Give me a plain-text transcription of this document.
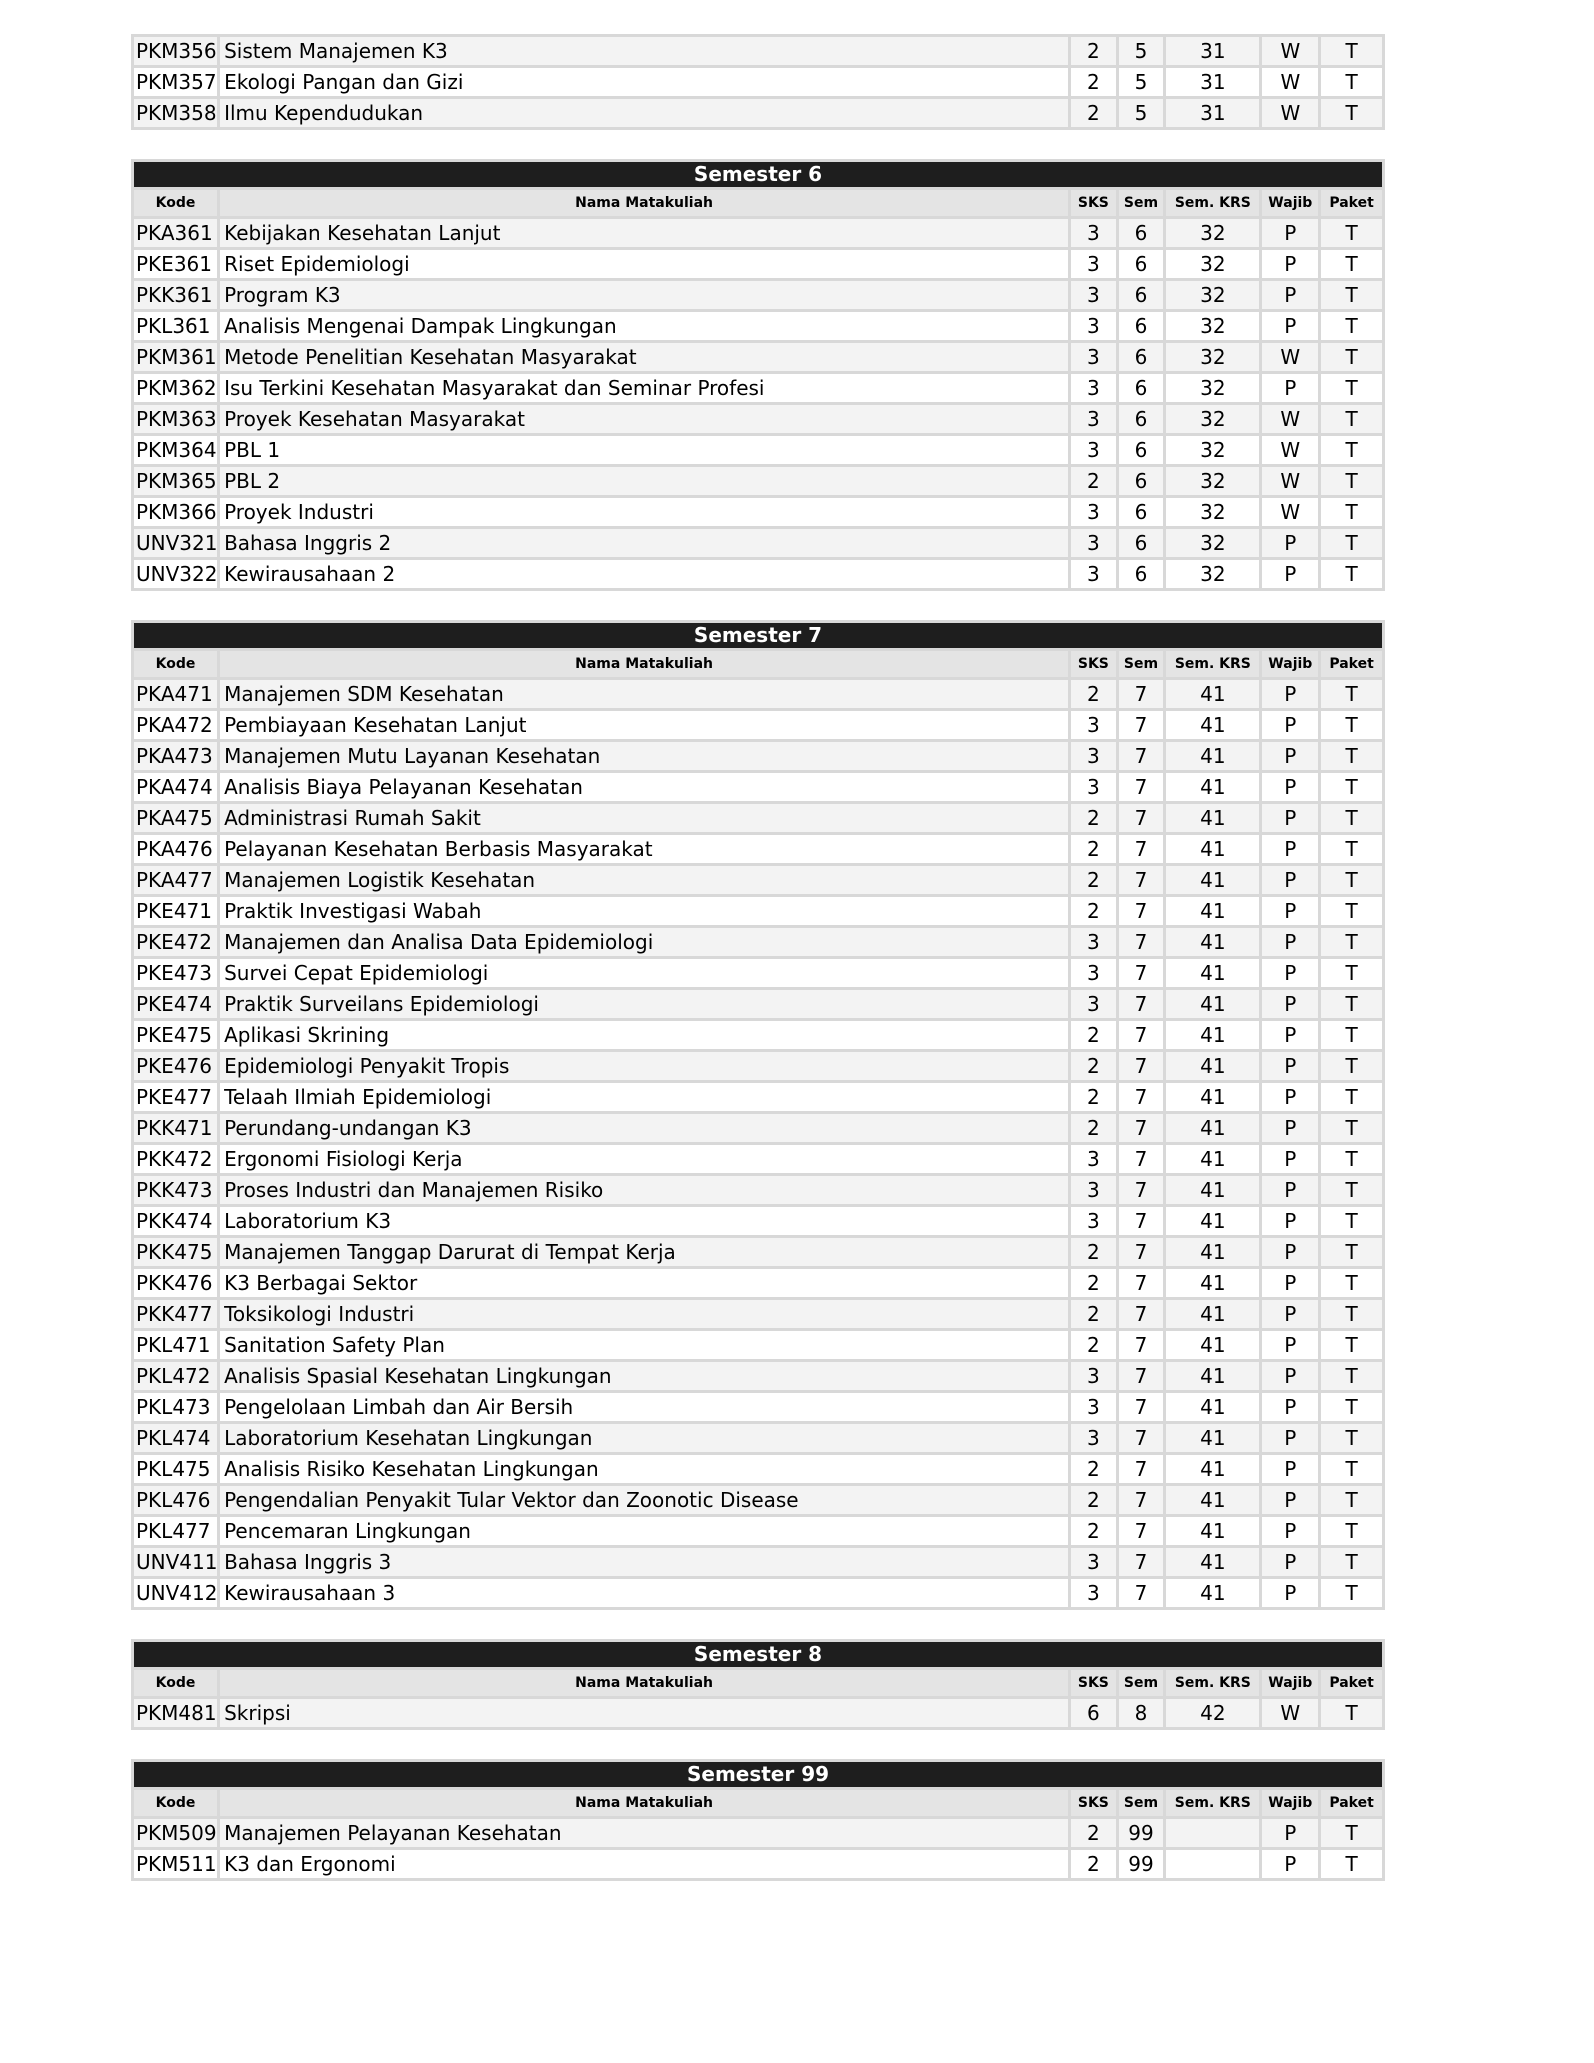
PKM356	Sistem Manajemen K3	2	5	31	W	T
PKM357	Ekologi Pangan dan Gizi	2	5	31	W	T
PKM358	Ilmu Kependudukan	2	5	31	W	T
Semester 6						
Kode	Nama Matakuliah	SKS	Sem	Sem. KRS	Wajib	Paket
PKA361	Kebijakan Kesehatan Lanjut	3	6	32	P	T
PKE361	Riset Epidemiologi	3	6	32	P	T
PKK361	Program K3	3	6	32	P	T
PKL361	Analisis Mengenai Dampak Lingkungan	3	6	32	P	T
PKM361	Metode Penelitian Kesehatan Masyarakat	3	6	32	W	T
PKM362	Isu Terkini Kesehatan Masyarakat dan Seminar Profesi	3	6	32	P	T
PKM363	Proyek Kesehatan Masyarakat	3	6	32	W	T
PKM364	PBL 1	3	6	32	W	T
PKM365	PBL 2	2	6	32	W	T
PKM366	Proyek Industri	3	6	32	W	T
UNV321	Bahasa Inggris 2	3	6	32	P	T
UNV322	Kewirausahaan 2	3	6	32	P	T
Semester 7						
Kode	Nama Matakuliah	SKS	Sem	Sem. KRS	Wajib	Paket
PKA471	Manajemen SDM Kesehatan	2	7	41	P	T
PKA472	Pembiayaan Kesehatan Lanjut	3	7	41	P	T
PKA473	Manajemen Mutu Layanan Kesehatan	3	7	41	P	T
PKA474	Analisis Biaya Pelayanan Kesehatan	3	7	41	P	T
PKA475	Administrasi Rumah Sakit	2	7	41	P	T
PKA476	Pelayanan Kesehatan Berbasis Masyarakat	2	7	41	P	T
PKA477	Manajemen Logistik Kesehatan	2	7	41	P	T
PKE471	Praktik Investigasi Wabah	2	7	41	P	T
PKE472	Manajemen dan Analisa Data Epidemiologi	3	7	41	P	T
PKE473	Survei Cepat Epidemiologi	3	7	41	P	T
PKE474	Praktik Surveilans Epidemiologi	3	7	41	P	T
PKE475	Aplikasi Skrining	2	7	41	P	T
PKE476	Epidemiologi Penyakit Tropis	2	7	41	P	T
PKE477	Telaah Ilmiah Epidemiologi	2	7	41	P	T
PKK471	Perundang-undangan K3	2	7	41	P	T
PKK472	Ergonomi Fisiologi Kerja	3	7	41	P	T
PKK473	Proses Industri dan Manajemen Risiko	3	7	41	P	T
PKK474	Laboratorium K3	3	7	41	P	T
PKK475	Manajemen Tanggap Darurat di Tempat Kerja	2	7	41	P	T
PKK476	K3 Berbagai Sektor	2	7	41	P	T
PKK477	Toksikologi Industri	2	7	41	P	T
PKL471	Sanitation Safety Plan	2	7	41	P	T
PKL472	Analisis Spasial Kesehatan Lingkungan	3	7	41	P	T
PKL473	Pengelolaan Limbah dan Air Bersih	3	7	41	P	T
PKL474	Laboratorium Kesehatan Lingkungan	3	7	41	P	T
PKL475	Analisis Risiko Kesehatan Lingkungan	2	7	41	P	T
PKL476	Pengendalian Penyakit Tular Vektor dan Zoonotic Disease	2	7	41	P	T
PKL477	Pencemaran Lingkungan	2	7	41	P	T
UNV411	Bahasa Inggris 3	3	7	41	P	T
UNV412	Kewirausahaan 3	3	7	41	P	T
Semester 8						
Kode	Nama Matakuliah	SKS	Sem	Sem. KRS	Wajib	Paket
PKM481	Skripsi	6	8	42	W	T
Semester 99						
Kode	Nama Matakuliah	SKS	Sem	Sem. KRS	Wajib	Paket
PKM509	Manajemen Pelayanan Kesehatan	2	99		P	T
PKM511	K3 dan Ergonomi	2	99		P	T
